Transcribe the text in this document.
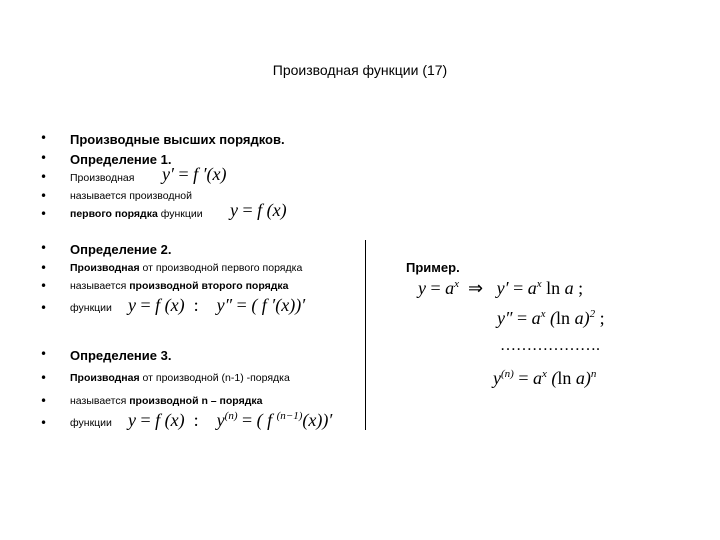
Производная функции (17)
•
•
•
•
•
•
•
•
•
•
•
•
•
Производные высших порядков.
Определение 1.
Производная
называется производной
первого порядка функции
Определение 2.
Производная от производной первого порядка
называется производной второго порядка
функции
Определение 3.
Производная от производной (n-1) -порядка
называется производной n – порядка
функции
y′ = f ′(x)
y = f (x)
y = f (x)  :    y″ = ( f ′(x))′
y = f (x)  :    $y^{(n)}$ = ( f $^{(n-1)}$(x))′
Пример.
$y = a^x$  ⇒   $y' = a^x$ ln a ;
$y'' = a^x$ (ln a)$^2$ ;
……………….
$y^{(n)} = a^x$ (ln a)$^n$
